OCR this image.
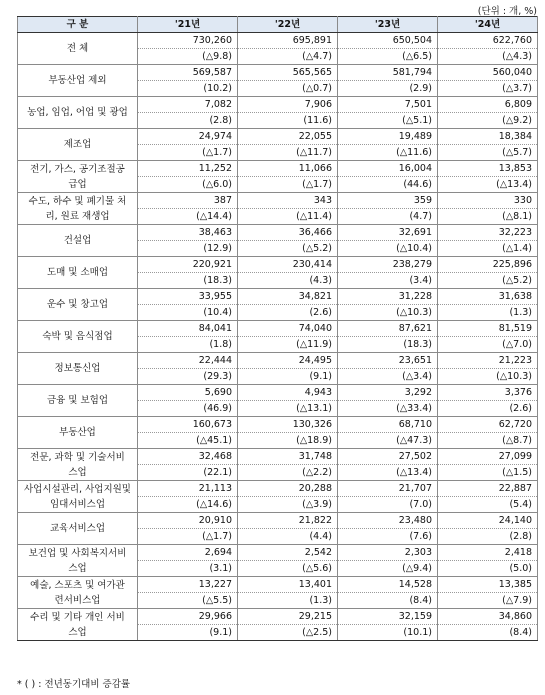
(단위 : 개, %)
구 분	'21년	'22년	'23년	'24년
전 체	730,260	695,891	650,504	622,760
	(△9.8)	(△4.7)	(△6.5)	(△4.3)
부동산업 제외	569,587	565,565	581,794	560,040
	(10.2)	(△0.7)	(2.9)	(△3.7)
농업, 임업, 어업 및 광업	7,082	7,906	7,501	6,809
	(2.8)	(11.6)	(△5.1)	(△9.2)
제조업	24,974	22,055	19,489	18,384
	(△1.7)	(△11.7)	(△11.6)	(△5.7)
전기, 가스, 공기조절공
급업	11,252	11,066	16,004	13,853
	(△6.0)	(△1.7)	(44.6)	(△13.4)
수도, 하수 및 폐기물 처
리, 원료 재생업	387	343	359	330
	(△14.4)	(△11.4)	(4.7)	(△8.1)
건설업	38,463	36,466	32,691	32,223
	(12.9)	(△5.2)	(△10.4)	(△1.4)
도매 및 소매업	220,921	230,414	238,279	225,896
	(18.3)	(4.3)	(3.4)	(△5.2)
운수 및 창고업	33,955	34,821	31,228	31,638
	(10.4)	(2.6)	(△10.3)	(1.3)
숙박 및 음식점업	84,041	74,040	87,621	81,519
	(1.8)	(△11.9)	(18.3)	(△7.0)
정보통신업	22,444	24,495	23,651	21,223
	(29.3)	(9.1)	(△3.4)	(△10.3)
금융 및 보험업	5,690	4,943	3,292	3,376
	(46.9)	(△13.1)	(△33.4)	(2.6)
부동산업	160,673	130,326	68,710	62,720
	(△45.1)	(△18.9)	(△47.3)	(△8.7)
전문, 과학 및 기술서비
스업	32,468	31,748	27,502	27,099
	(22.1)	(△2.2)	(△13.4)	(△1.5)
사업시설관리, 사업지원및
임대서비스업	21,113	20,288	21,707	22,887
	(△14.6)	(△3.9)	(7.0)	(5.4)
교육서비스업	20,910	21,822	23,480	24,140
	(△1.7)	(4.4)	(7.6)	(2.8)
보건업 및 사회복지서비
스업	2,694	2,542	2,303	2,418
	(3.1)	(△5.6)	(△9.4)	(5.0)
예술, 스포츠 및 여가관
련서비스업	13,227	13,401	14,528	13,385
	(△5.5)	(1.3)	(8.4)	(△7.9)
수리 및 기타 개인 서비
스업	29,966	29,215	32,159	34,860
	(9.1)	(△2.5)	(10.1)	(8.4)
* ( ) : 전년동기대비 증감률
